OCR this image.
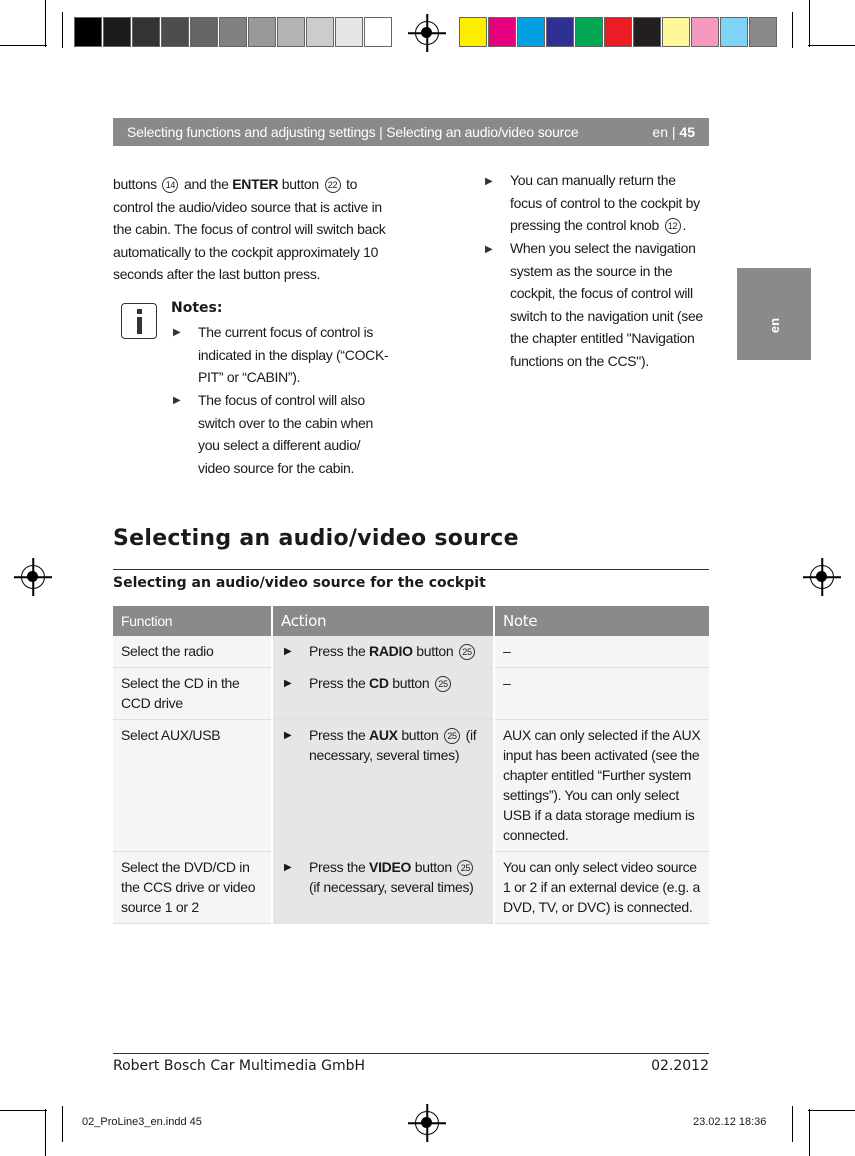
Selecting functions and adjusting settings | Selecting an audio/video source	en | 45
en
buttons 14 and the ENTER button 22 to control the audio/video source that is active in the cabin. The focus of control will switch back automatically to the cockpit approximately 10 seconds after the last button press.
Notes:
▶ The current focus of control is indicated in the display (“COCK-PIT” or “CABIN”).
▶ The focus of control will also switch over to the cabin when you select a different audio/ video source for the cabin.
▶ You can manually return the focus of control to the cockpit by pressing the control knob 12 .
▶ When you select the navigation system as the source in the cockpit, the focus of control will switch to the navigation unit (see the chapter entitled "Navigation functions on the CCS").
Selecting an audio/video source
Selecting an audio/video source for the cockpit
Function	Action	Note
Select the radio	▶ Press the RADIO button 25	–
Select the CD in the CCD drive	▶ Press the CD button 25	–
Select AUX/USB	▶ Press the AUX button 25 (if necessary, several times)	AUX can only selected if the AUX input has been activated (see the chapter entitled “Further system settings”). You can only select USB if a data storage medium is connected.
Select the DVD/CD in the CCS drive or video source 1 or 2	▶ Press the VIDEO button 25 (if necessary, several times)	You can only select video source 1 or 2 if an external device (e.g. a DVD, TV, or DVC) is connected.
Robert Bosch Car Multimedia GmbH	02.2012
02_ProLine3_en.indd 45	23.02.12 18:36
